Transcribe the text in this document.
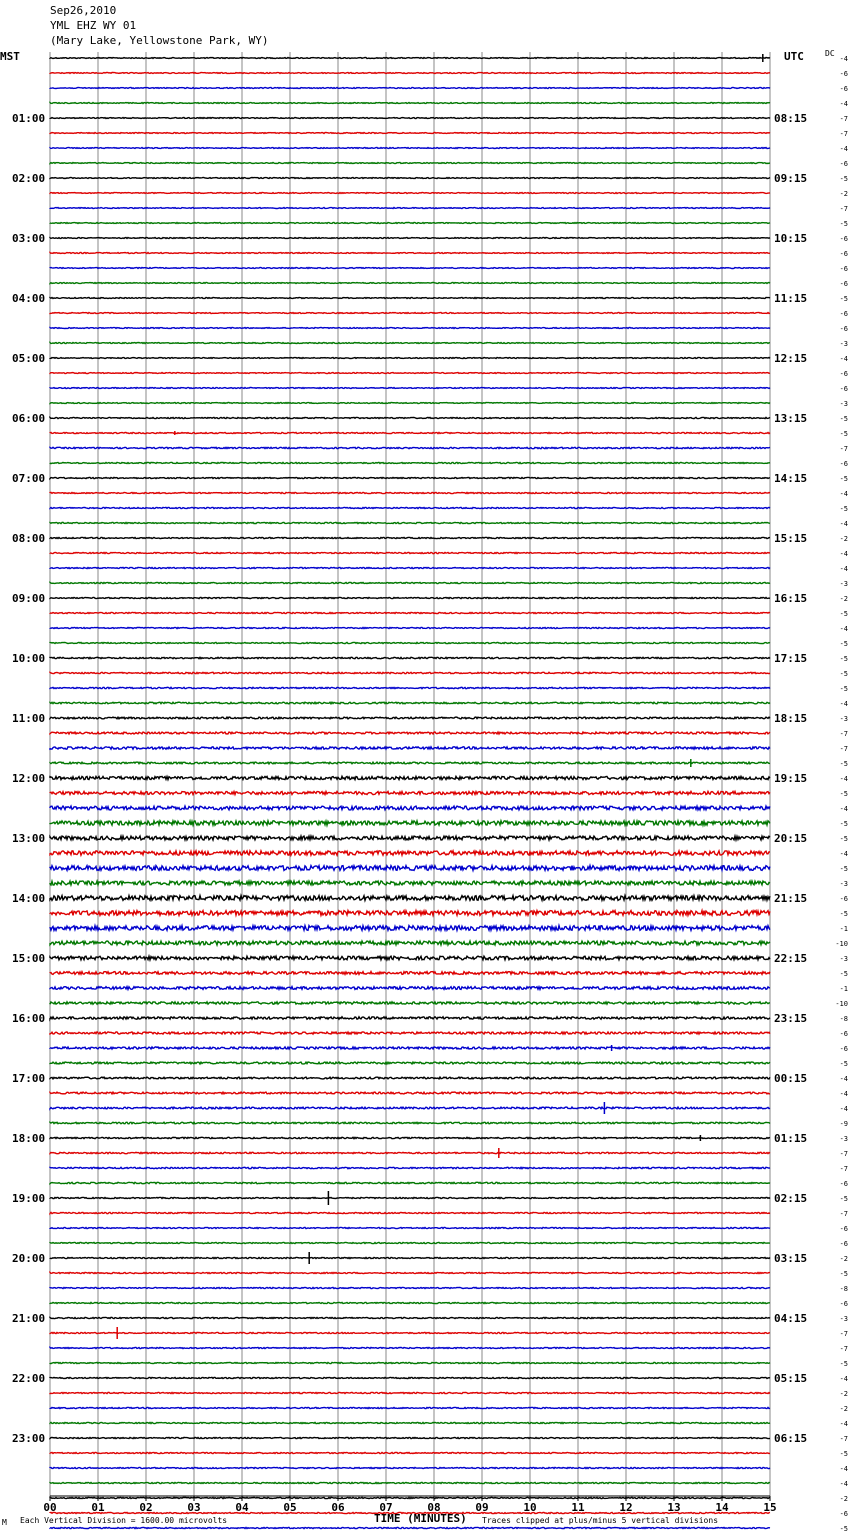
Sep26,2010
YML EHZ WY 01
(Mary Lake, Yellowstone Park, WY)
MST	UTC	DC
01:00
02:00
03:00
04:00
05:00
06:00
07:00
08:00
09:00
10:00
11:00
12:00
13:00
14:00
15:00
16:00
17:00
18:00
19:00
20:00
21:00
22:00
23:00
08:15
09:15
10:15
11:15
12:15
13:15
14:15
15:15
16:15
17:15
18:15
19:15
20:15
21:15
22:15
23:15
00:15
01:15
02:15
03:15
04:15
05:15
06:15
-4
-6
-6
-4
-7
-7
-4
-6
-5
-2
-7
-5
-6
-6
-6
-6
-5
-6
-6
-3
-4
-6
-6
-3
-5
-5
-7
-6
-5
-4
-5
-4
-2
-4
-4
-3
-2
-5
-4
-5
-5
-5
-5
-4
-3
-7
-7
-5
-4
-5
-4
-5
-5
-4
-5
-3
-6
-5
-1
-10
-3
-5
-1
-10
-8
-6
-6
-5
-4
-4
-4
-9
-3
-7
-7
-6
-5
-7
-6
-6
-2
-5
-8
-6
-3
-7
-7
-5
-4
-2
-2
-4
-7
-5
-4
-4
-2
-6
-5
00	01	02	03	04	05	06	07	08	09	10	11	12	13	14	15
M Each Vertical Division = 1600.00 microvolts	TIME (MINUTES) Traces clipped at plus/minus 5 vertical divisions
